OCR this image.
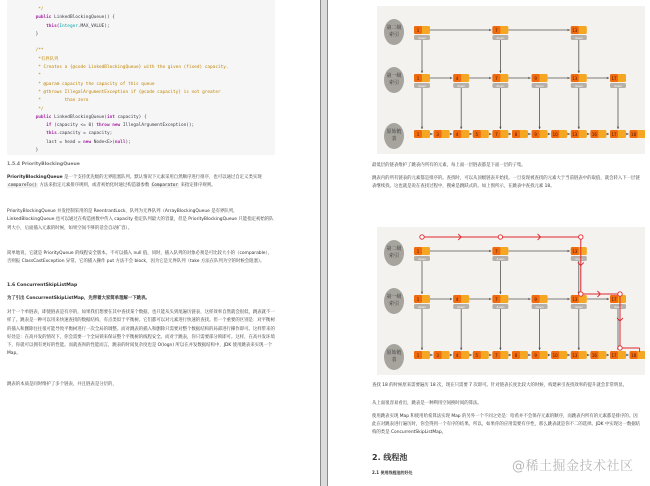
*/
public LinkedBlockingQueue() {
this(Integer.MAX_VALUE);
}
/**
*有界队列
* Creates a {@code LinkedBlockingQueue} with the given (fixed) capacity.
*
* @param capacity the capacity of this queue
* @throws IllegalArgumentException if {@code capacity} is not greater
*         than zero
*/
public LinkedBlockingQueue(int capacity) {
if (capacity <= 0) throw new IllegalArgumentException();
this.capacity = capacity;
last = head = new Node<E>(null);
}
1.5.4 PriorityBlockingQueue
PriorityBlockingQueue 是一个支持优先级的无界阻塞队列。默认情况下元素采用自然顺序进行排序，也可以通过自定义类实现 compareTo() 方法来指定元素排序规则，或者初始化时通过构造器参数 Comparator 来指定排序规则。
PriorityBlockingQueue 并发控制采用的是 ReentrantLock，队列为无界队列（ArrayBlockingQueue 是有界队列，LinkedBlockingQueue 也可以通过在构造函数中传入 capacity 指定队列最大的容量，但是 PriorityBlockingQueue 只能指定初始的队列大小，后面插入元素的时候，如果空间不够的话会自动扩容）。
简单地说，它就是 PriorityQueue 的线程安全版本。不可以插入 null 值，同时，插入队列的对象必须是可比较大小的（comparable），否则报 ClassCastException 异常。它的插入操作 put 方法不会 block，因为它是无界队列（take 方法在队列为空的时候会阻塞）。
1.6 ConcurrentSkipListMap
为了引出 ConcurrentSkipListMap，先带着大家简单理解一下跳表。
对于一个单链表，即使链表是有序的，如果我们想要在其中查找某个数据，也只能从头到尾遍历链表，这样效率自然就会很低，跳表就不一样了。跳表是一种可以用来快速查找的数据结构，有点类似于平衡树。它们都可以对元素进行快速的查找。但一个重要的区别是：对平衡树的插入和删除往往很可能导致平衡树进行一次全局的调整。而对跳表的插入和删除只需要对整个数据结构的局部进行操作即可。这样带来的好处是：在高并发的情况下，你会需要一个全局锁来保证整个平衡树的线程安全。而对于跳表，你只需要部分锁即可。这样，在高并发环境下，你就可以拥有更好的性能。而就查询的性能而言，跳表的时间复杂度也是 O(logn) 所以在并发数据结构中，JDK 使用跳表来实现一个 Map。
跳表的本质是同时维护了多个链表，并且链表是分层的，
第二级
索引
第一级
索引
原始链
表
1
down
7
down
13
down
1
down
4
down
7
down
9
down
13
down
17
down
1	3	4	5	7	8	9	10	13	16	17	18
最低层的链表维护了跳表内所有的元素，每上面一层链表都是下面一层的子集。
跳表内的所有链表的元素都是排序的。查找时，可以从顶级链表开始找。一旦发现被查找的元素大于当前链表中的取值，就会转入下一层链表继续找。这也就是说在查找过程中，搜索是跳跃式的。如上图所示，在跳表中查找元素 18。
第二级
索引
第一级
索引
原始链
表
1
down
7
down
13
down
1
down
4
down
7
down
9
down
13
down
17
down
1	3	4	5	7	8	9	10	13	16	17	18
查找 18 的时候原来需要遍历 18 次，现在只需要 7 次即可。针对链表长度比较大的时候，构建索引查找效率的提升就会非常明显。
从上面很容易看出，跳表是一种利用空间换时间的算法。
使用跳表实现 Map 和使用哈希算法实现 Map 的另外一个不同之处是：哈希并不会保存元素的顺序，而跳表内所有的元素都是排序的。因此在对跳表进行遍历时，你会得到一个有序的结果。所以，如果你的应用需要有序性，那么跳表就是你不二的选择。JDK 中实现这一数据结构的类是 ConcurrentSkipListMap。
2. 线程池
2.1 使用线程池的好处	@稀土掘金技术社区
